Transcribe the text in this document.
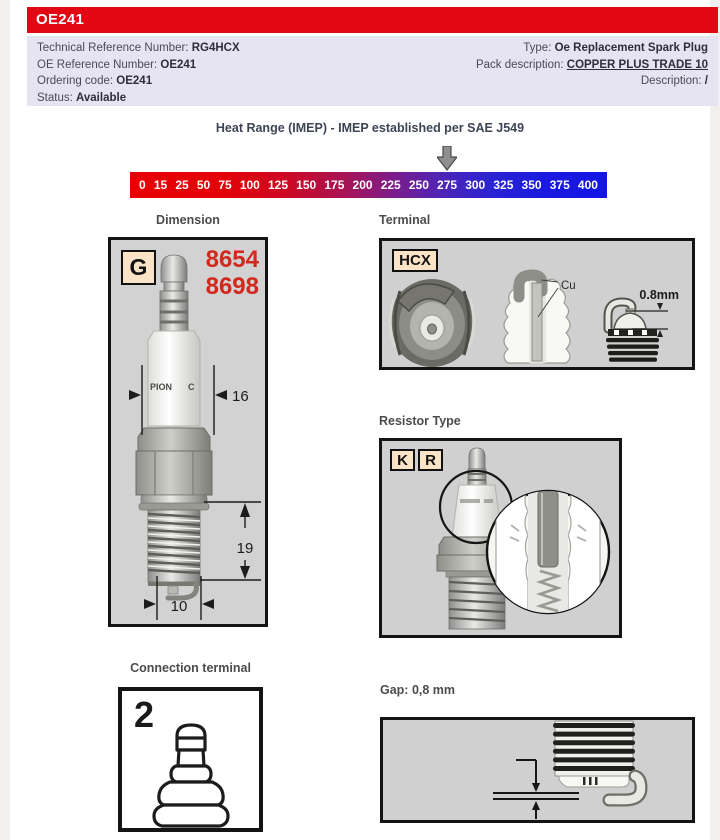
OE241
Technical Reference Number: RG4HCX
OE Reference Number: OE241
Ordering code: OE241
Status: Available
Type: Oe Replacement Spark Plug
Pack description: COPPER PLUS TRADE 10
Description: /
Heat Range (IMEP) - IMEP established per SAE J549
0 15 25 50 75 100 125 150 175 200 225 250 275 300 325 350 375 400
Dimension	Terminal
Resistor Type
Connection terminal
Gap: 0,8 mm
PION C
16
19
10
G	8654
8698	Cu
0.8mm
HCX
K	R
2
